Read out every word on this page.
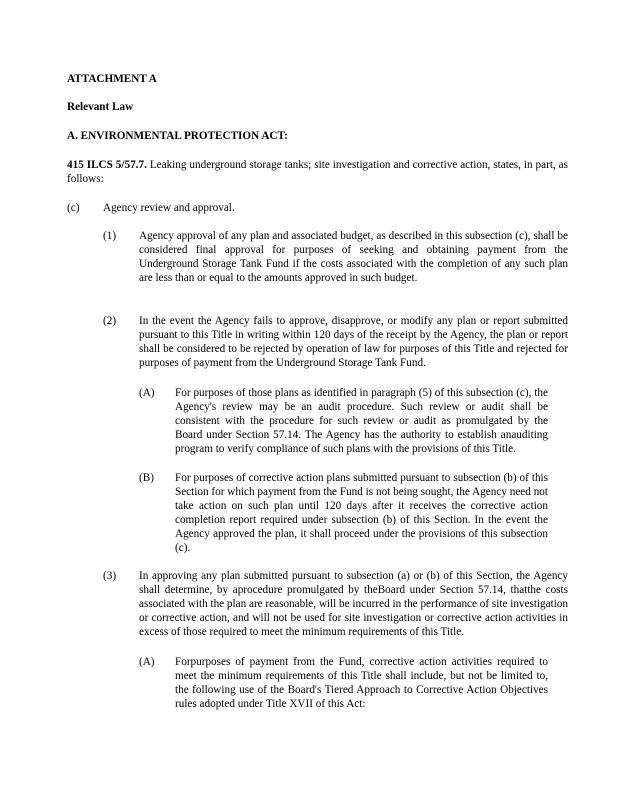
ATTACHMENT A
Relevant Law
A. ENVIRONMENTAL PROTECTION ACT:

415 ILCS 5/57.7. Leaking underground storage tanks; site investigation and corrective action, states, in part, as follows:

(c) Agency review and approval.
(1) Agency approval of any plan and associated budget, as described in this subsection (c), shall be considered final approval for purposes of seeking and obtaining payment from the Underground Storage Tank Fund if the costs associated with the completion of any such plan are less than or equal to the amounts approved in such budget.

(2) In the event the Agency fails to approve, disapprove, or modify any plan or report submitted pursuant to this Title in writing within 120 days of the receipt by the Agency, the plan or report shall be considered to be rejected by operation of law for purposes of this Title and rejected for purposes of payment from the Underground Storage Tank Fund.

(A) For purposes of those plans as identified in paragraph (5) of this subsection (c), the Agency's review may be an audit procedure. Such review or audit shall be consistent with the procedure for such review or audit as promulgated by the Board under Section 57.14. The Agency has the authority to establish anauditing program to verify compliance of such plans with the provisions of this Title.

(B) For purposes of corrective action plans submitted pursuant to subsection (b) of this Section for which payment from the Fund is not being sought, the Agency need not take action on such plan until 120 days after it receives the corrective action completion report required under subsection (b) of this Section. In the event the Agency approved the plan, it shall proceed under the provisions of this subsection (c).

(3) In approving any plan submitted pursuant to subsection (a) or (b) of this Section, the Agency shall determine, by aprocedure promulgated by theBoard under Section 57.14, thatthe costs associated with the plan are reasonable, will be incurred in the performance of site investigation or corrective action, and will not be used for site investigation or corrective action activities in excess of those required to meet the minimum requirements of this Title.

(A) Forpurposes of payment from the Fund, corrective action activities required to meet the minimum requirements of this Title shall include, but not be limited to, the following use of the Board's Tiered Approach to Corrective Action Objectives rules adopted under Title XVII of this Act:
